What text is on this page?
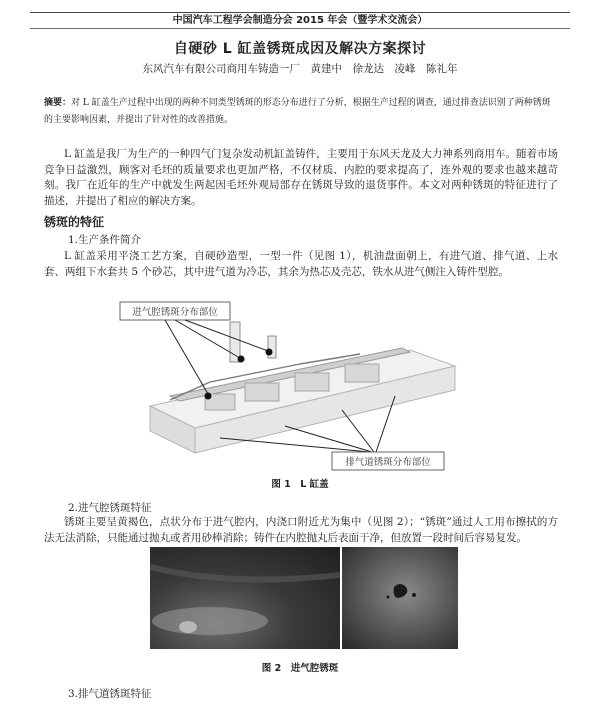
中国汽车工程学会制造分会 2015 年会（暨学术交流会）
自硬砂 L 缸盖锈斑成因及解决方案探讨
东风汽车有限公司商用车铸造一厂　黄建中　徐龙达　凌峰　陈礼年
摘要：对 L 缸盖生产过程中出现的两种不同类型锈斑的形态分布进行了分析，根据生产过程的调查，通过排查法识别了两种锈斑的主要影响因素，并提出了针对性的改善措施。
L 缸盖是我厂为生产的一种四气门复杂发动机缸盖铸件，主要用于东风天龙及大力神系列商用车。随着市场竞争日益激烈，顾客对毛坯的质量要求也更加严格，不仅材质、内腔的要求提高了，连外观的要求也越来越苛刻。我厂在近年的生产中就发生两起因毛坯外观局部存在锈斑导致的退货事件。本文对两种锈斑的特征进行了描述，并提出了相应的解决方案。
锈斑的特征
1.生产条件简介
L 缸盖采用平浇工艺方案，自硬砂造型，一型一件（见图 1），机油盘面朝上，有进气道、排气道、上水套、两组下水套共 5 个砂芯，其中进气道为冷芯，其余为热芯及壳芯，铁水从进气侧注入铸件型腔。
进气腔锈斑分布部位
排气道锈斑分布部位
图 1　L 缸盖
2.进气腔锈斑特征
锈斑主要呈黄褐色，点状分布于进气腔内，内浇口附近尤为集中（见图 2）；“锈斑”通过人工用布擦拭的方法无法消除，只能通过抛丸或者用砂棒消除；铸件在内腔抛丸后表面干净，但放置一段时间后容易复发。
图 2　进气腔锈斑
3.排气道锈斑特征
